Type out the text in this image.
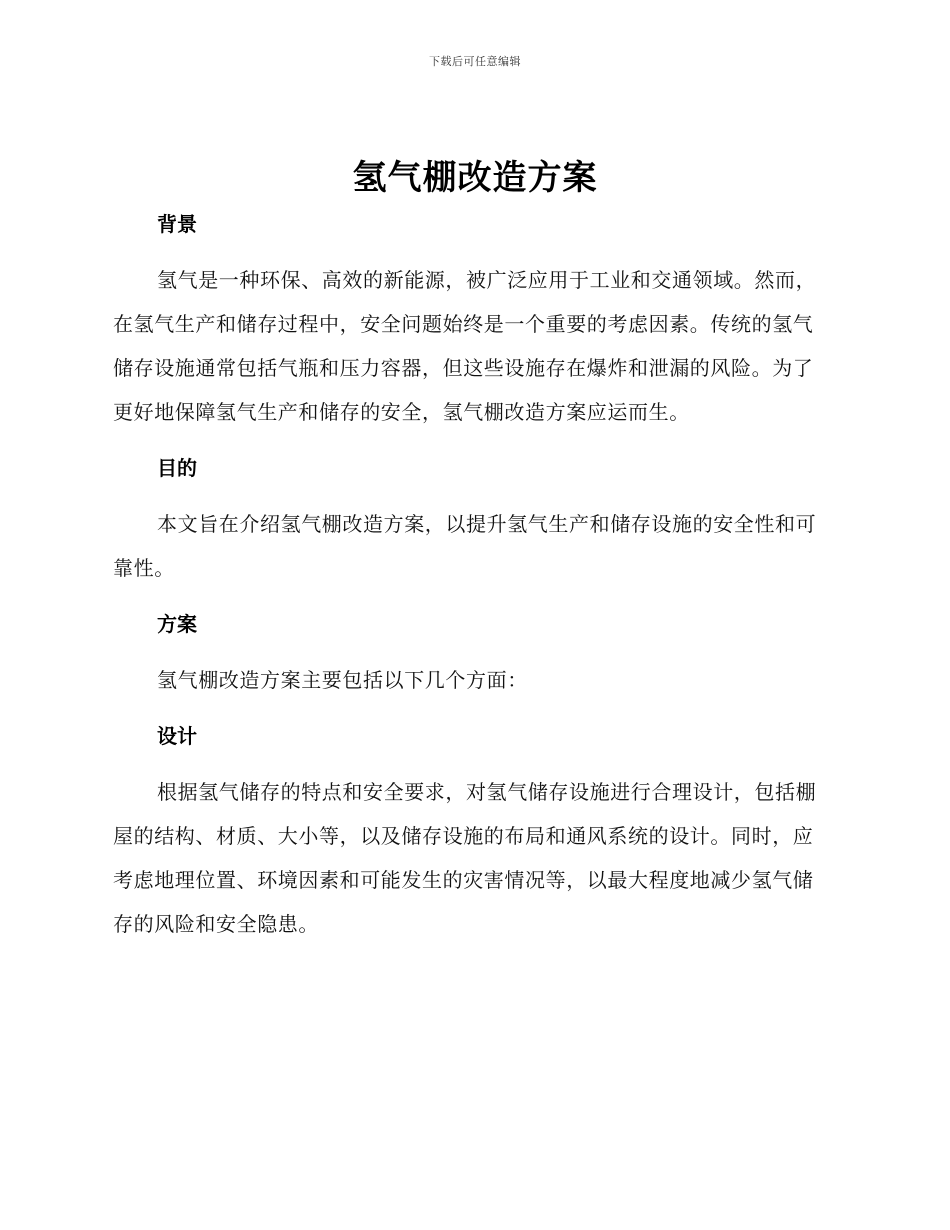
下载后可任意编辑
氢气棚改造方案
背景

氢气是一种环保、高效的新能源，被广泛应用于工业和交通领域。然而，在氢气生产和储存过程中，安全问题始终是一个重要的考虑因素。传统的氢气储存设施通常包括气瓶和压力容器，但这些设施存在爆炸和泄漏的风险。为了更好地保障氢气生产和储存的安全，氢气棚改造方案应运而生。

目的

本文旨在介绍氢气棚改造方案，以提升氢气生产和储存设施的安全性和可靠性。

方案

氢气棚改造方案主要包括以下几个方面：

设计

根据氢气储存的特点和安全要求，对氢气储存设施进行合理设计，包括棚屋的结构、材质、大小等，以及储存设施的布局和通风系统的设计。同时，应考虑地理位置、环境因素和可能发生的灾害情况等，以最大程度地减少氢气储存的风险和安全隐患。
